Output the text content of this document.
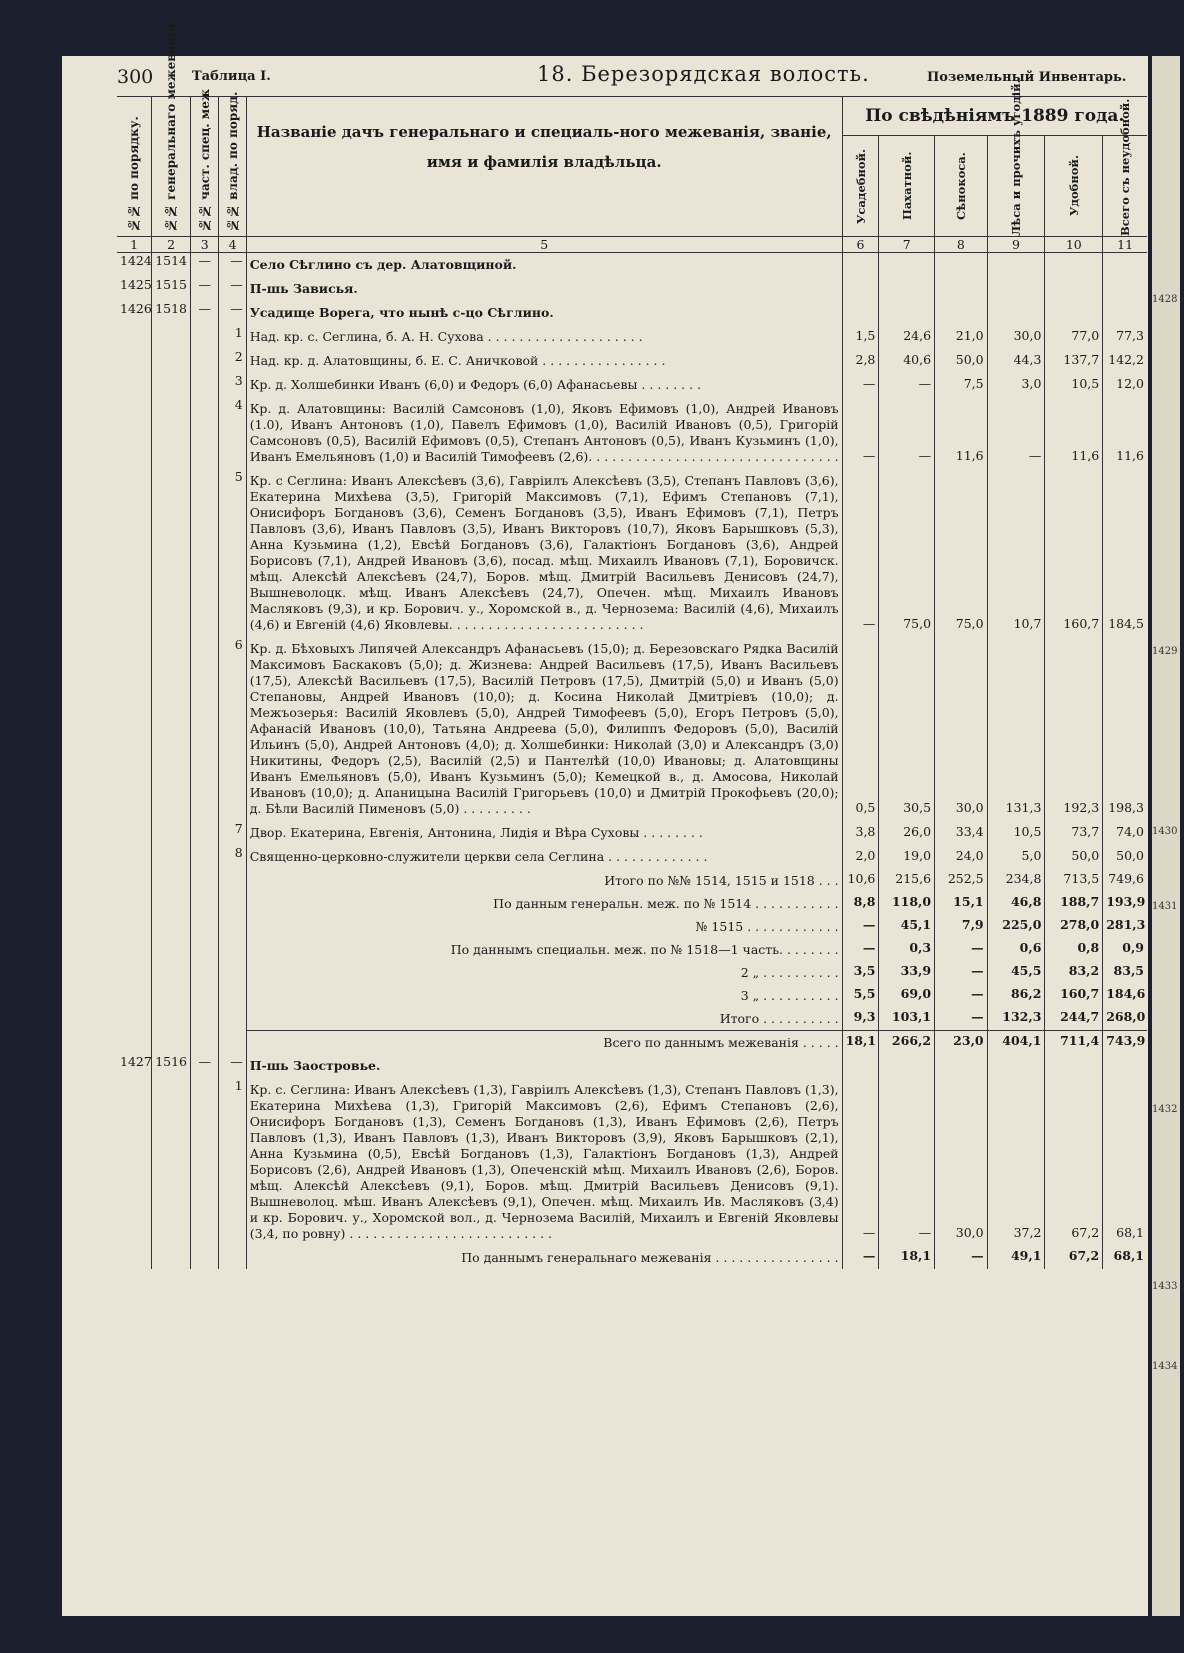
300	Таблица I.	18. Березорядская волость.	Поземельный Инвентарь.
№№ по порядку.	№№ генеральнаго межеванія.	№№ част. спец. меж	№№ влад. по поряд.	Названіе дачъ генеральнаго и специаль-ного межеванія, званіе, имя и фамилія владѣльца.	По свѣдѣніямъ 1889 года.					

					Усадебной.	Пахатной.	Сѣнокоса.	Лѣса и прочихъ угодій.	Удобной.	Всего съ неудобной.

1	2	3	4	5	6	7	8	9	10	11
1424	1514	—	—	Село Сѣглино съ дер. Алатовщиной.						
1425	1515	—	—	П-шь Зависья.						
1426	1518	—	—	Усадище Ворега, что нынѣ с-цо Сѣглино.						
			1	Над. кр. с. Сеглина, б. А. Н. Сухова . . . . . . . . . . . . . . . . . . . .	1,5	24,6	21,0	30,0	77,0	77,3
			2	Над. кр. д. Алатовщины, б. Е. С. Аничковой . . . . . . . . . . . . . . . .	2,8	40,6	50,0	44,3	137,7	142,2
			3	Кр. д. Холшебинки Иванъ (6,0) и Федоръ (6,0) Афанасьевы . . . . . . . .	—	—	7,5	3,0	10,5	12,0
			4	Кр. д. Алатовщины: Василій Самсоновъ (1,0), Яковъ Ефимовъ (1,0), Андрей Ивановъ (1.0), Иванъ Антоновъ (1,0), Павелъ Ефимовъ (1,0), Василій Ивановъ (0,5), Григорій Самсоновъ (0,5), Василій Ефимовъ (0,5), Степанъ Антоновъ (0,5), Иванъ Кузьминъ (1,0), Иванъ Емельяновъ (1,0) и Василій Тимофеевъ (2,6). . . . . . . . . . . . . . . . . . . . . . . . . . . . . . . .	—	—	11,6	—	11,6	11,6
			5	Кр. с Сеглина: Иванъ Алексѣевъ (3,6), Гавріилъ Алексѣевъ (3,5), Степанъ Павловъ (3,6), Екатерина Михѣева (3,5), Григорій Максимовъ (7,1), Ефимъ Степановъ (7,1), Онисифоръ Богдановъ (3,6), Семенъ Богдановъ (3,5), Иванъ Ефимовъ (7,1), Петръ Павловъ (3,6), Иванъ Павловъ (3,5), Иванъ Викторовъ (10,7), Яковъ Барышковъ (5,3), Анна Кузьмина (1,2), Евсѣй Богдановъ (3,6), Галактіонъ Богдановъ (3,6), Андрей Борисовъ (7,1), Андрей Ивановъ (3,6), посад. мѣщ. Михаилъ Ивановъ (7,1), Боровичск. мѣщ. Алексѣй Алексѣевъ (24,7), Боров. мѣщ. Дмитрій Васильевъ Денисовъ (24,7), Вышневолоцк. мѣщ. Иванъ Алексѣевъ (24,7), Опечен. мѣщ. Михаилъ Ивановъ Масляковъ (9,3), и кр. Борович. у., Хоромской в., д. Чернозема: Василій (4,6), Михаилъ (4,6) и Евгеній (4,6) Яковлевы. . . . . . . . . . . . . . . . . . . . . . . . .	—	75,0	75,0	10,7	160,7	184,5
			6	Кр. д. Бѣховыхъ Липячей Александръ Афанасьевъ (15,0); д. Березовскаго Рядка Василій Максимовъ Баскаковъ (5,0); д. Жизнева: Андрей Васильевъ (17,5), Иванъ Васильевъ (17,5), Алексѣй Васильевъ (17,5), Василій Петровъ (17,5), Дмитрій (5,0) и Иванъ (5,0) Степановы, Андрей Ивановъ (10,0); д. Косина Николай Дмитріевъ (10,0); д. Межъозерья: Василій Яковлевъ (5,0), Андрей Тимофеевъ (5,0), Егоръ Петровъ (5,0), Афанасій Ивановъ (10,0), Татьяна Андреева (5,0), Филиппъ Федоровъ (5,0), Василій Ильинъ (5,0), Андрей Антоновъ (4,0); д. Холшебинки: Николай (3,0) и Александръ (3,0) Никитины, Федоръ (2,5), Василій (2,5) и Пантелѣй (10,0) Ивановы; д. Алатовщины Иванъ Емельяновъ (5,0), Иванъ Кузьминъ (5,0); Кемецкой в., д. Амосова, Николай Ивановъ (10,0); д. Апаницына Василій Григорьевъ (10,0) и Дмитрій Прокофьевъ (20,0); д. Бѣли Василій Пименовъ (5,0) . . . . . . . . .	0,5	30,5	30,0	131,3	192,3	198,3
			7	Двор. Екатерина, Евгенія, Антонина, Лидія и Вѣра Суховы . . . . . . . .	3,8	26,0	33,4	10,5	73,7	74,0
			8	Священно-церковно-служители церкви села Сеглина . . . . . . . . . . . . .	2,0	19,0	24,0	5,0	50,0	50,0
				Итого по №№ 1514, 1515 и 1518 . . .	10,6	215,6	252,5	234,8	713,5	749,6
				По данным генеральн. меж. по № 1514 . . . . . . . . . . .	8,8	118,0	15,1	46,8	188,7	193,9
				№ 1515 . . . . . . . . . . . .	—	45,1	7,9	225,0	278,0	281,3
				По даннымъ специальн. меж. по № 1518—1 часть. . . . . . . .	—	0,3	—	0,6	0,8	0,9
				2 „ . . . . . . . . . .	3,5	33,9	—	45,5	83,2	83,5
				3 „ . . . . . . . . . .	5,5	69,0	—	86,2	160,7	184,6
				Итого . . . . . . . . . .	9,3	103,1	—	132,3	244,7	268,0
				Всего по даннымъ межеванія . . . . .	18,1	266,2	23,0	404,1	711,4	743,9
1427	1516	—	—	П-шь Заостровье.						
			1	Кр. с. Сеглина: Иванъ Алексѣевъ (1,3), Гавріилъ Алексѣевъ (1,3), Степанъ Павловъ (1,3), Екатерина Михѣева (1,3), Григорій Максимовъ (2,6), Ефимъ Степановъ (2,6), Онисифоръ Богдановъ (1,3), Семенъ Богдановъ (1,3), Иванъ Ефимовъ (2,6), Петръ Павловъ (1,3), Иванъ Павловъ (1,3), Иванъ Викторовъ (3,9), Яковъ Барышковъ (2,1), Анна Кузьмина (0,5), Евсѣй Богдановъ (1,3), Галактіонъ Богдановъ (1,3), Андрей Борисовъ (2,6), Андрей Ивановъ (1,3), Опеченскій мѣщ. Михаилъ Ивановъ (2,6), Боров. мѣщ. Алексѣй Алексѣевъ (9,1), Боров. мѣщ. Дмитрій Васильевъ Денисовъ (9,1). Вышневолоц. мѣш. Иванъ Алексѣевъ (9,1), Опечен. мѣщ. Михаилъ Ив. Масляковъ (3,4) и кр. Борович. у., Хоромской вол., д. Чернозема Василій, Михаилъ и Евгеній Яковлевы (3,4, по ровну) . . . . . . . . . . . . . . . . . . . . . . . . . .	—	—	30,0	37,2	67,2	68,1
				По даннымъ генеральнаго межеванія . . . . . . . . . . . . . . . .	—	18,1	—	49,1	67,2	68,1
1428
1429
1430
1431
1432
1433
1434
